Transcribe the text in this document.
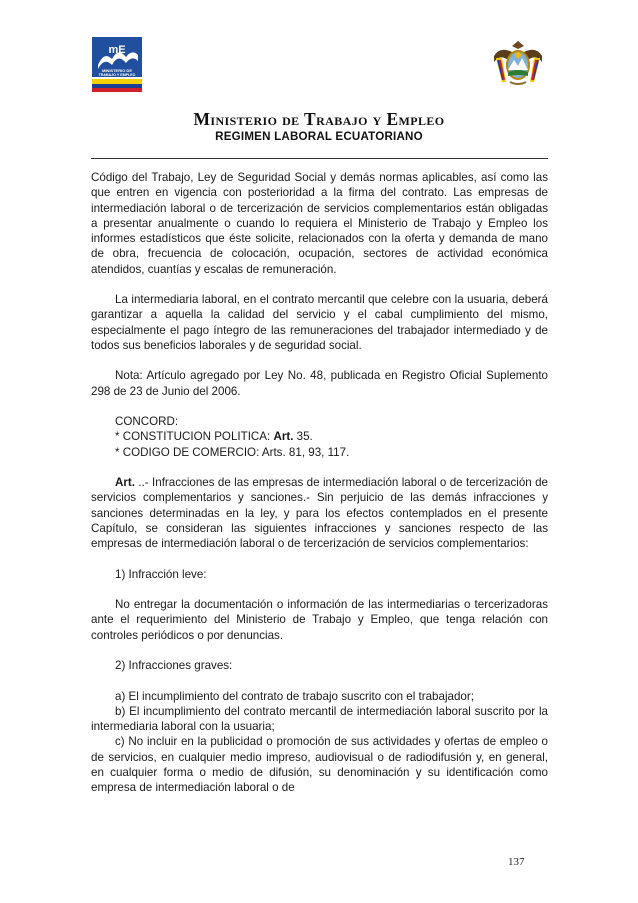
mE
MINISTERIO DE
TRABAJO Y EMPLEO
Ministerio de Trabajo y Empleo
REGIMEN LABORAL ECUATORIANO

Código del Trabajo, Ley de Seguridad Social y demás normas aplicables, así como las que entren en vigencia con posterioridad a la firma del contrato. Las empresas de intermediación laboral o de tercerización de servicios complementarios están obligadas a presentar anualmente o cuando lo requiera el Ministerio de Trabajo y Empleo los informes estadísticos que éste solicite, relacionados con la oferta y demanda de mano de obra, frecuencia de colocación, ocupación, sectores de actividad económica atendidos, cuantías y escalas de remuneración.

La intermediaria laboral, en el contrato mercantil que celebre con la usuaria, deberá garantizar a aquella la calidad del servicio y el cabal cumplimiento del mismo, especialmente el pago íntegro de las remuneraciones del trabajador intermediado y de todos sus beneficios laborales y de seguridad social.

Nota: Artículo agregado por Ley No. 48, publicada en Registro Oficial Suplemento 298 de 23 de Junio del 2006.

CONCORD:

* CONSTITUCION POLITICA: Art. 35.

* CODIGO DE COMERCIO: Arts. 81, 93, 117.

Art. ..- Infracciones de las empresas de intermediación laboral o de tercerización de servicios complementarios y sanciones.- Sin perjuicio de las demás infracciones y sanciones determinadas en la ley, y para los efectos contemplados en el presente Capítulo, se consideran las siguientes infracciones y sanciones respecto de las empresas de intermediación laboral o de tercerización de servicios complementarios:

1) Infracción leve:

No entregar la documentación o información de las intermediarias o tercerizadoras ante el requerimiento del Ministerio de Trabajo y Empleo, que tenga relación con controles periódicos o por denuncias.

2) Infracciones graves:

a) El incumplimiento del contrato de trabajo suscrito con el trabajador;

b) El incumplimiento del contrato mercantil de intermediación laboral suscrito por la intermediaria laboral con la usuaria;

c) No incluir en la publicidad o promoción de sus actividades y ofertas de empleo o de servicios, en cualquier medio impreso, audiovisual o de radiodifusión y, en general, en cualquier forma o medio de difusión, su denominación y su identificación como empresa de intermediación laboral o de

137
